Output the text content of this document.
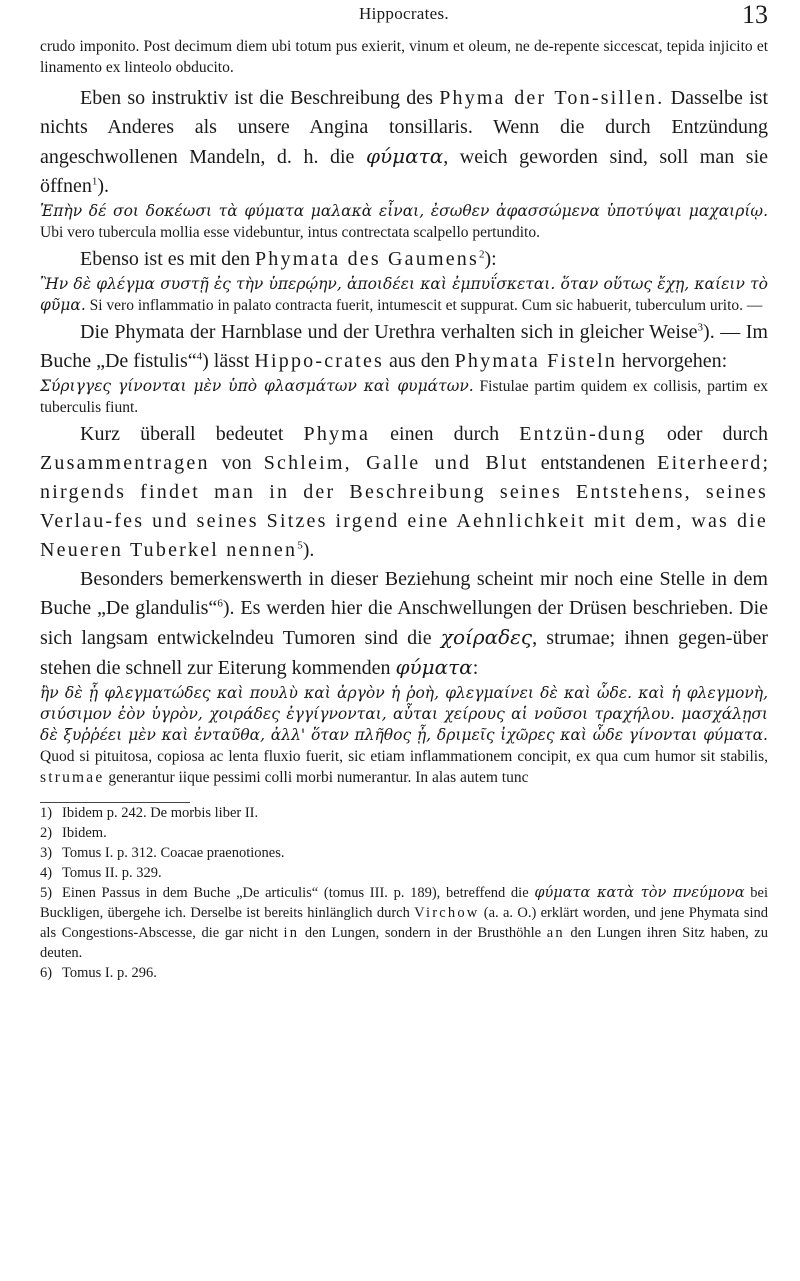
Hippocrates.	13

crudo imponito. Post decimum diem ubi totum pus exierit, vinum et oleum, ne de-repente siccescat, tepida injicito et linamento ex linteolo obducito.

Eben so instruktiv ist die Beschreibung des Phyma der Ton-sillen. Dasselbe ist nichts Anderes als unsere Angina tonsillaris. Wenn die durch Entzündung angeschwollenen Mandeln, d. h. die φύματα, weich geworden sind, soll man sie öffnen$^1$).

Ἐπὴν δέ σοι δοκέωσι τὰ φύματα μαλακὰ εἶναι, ἐσωθεν ἀφασσώμενα ὑποτύψαι μαχαιρίῳ. Ubi vero tubercula mollia esse videbuntur, intus contrectata scalpello pertundito.

Ebenso ist es mit den Phymata des Gaumens$^2$):

Ἢν δὲ φλέγμα συστῇ ἐς τὴν ὑπερῴην, ἀποιδέει καὶ ἐμπυΐσκεται. ὅταν οὕτως ἔχῃ, καίειν τὸ φῦμα. Si vero inflammatio in palato contracta fuerit, intumescit et suppurat. Cum sic habuerit, tuberculum urito. —

Die Phymata der Harnblase und der Urethra verhalten sich in gleicher Weise$^3$). — Im Buche „De fistulis“$^4$) lässt Hippo-crates aus den Phymata Fisteln hervorgehen:

Σύριγγες γίνονται μὲν ὑπὸ φλασμάτων καὶ φυμάτων. Fistulae partim quidem ex collisis, partim ex tuberculis fiunt.

Kurz überall bedeutet Phyma einen durch Entzün-dung oder durch Zusammentragen von Schleim, Galle und Blut entstandenen Eiterheerd; nirgends findet man in der Beschreibung seines Entstehens, seines Verlau-fes und seines Sitzes irgend eine Aehnlichkeit mit dem, was die Neueren Tuberkel nennen$^5$).

Besonders bemerkenswerth in dieser Beziehung scheint mir noch eine Stelle in dem Buche „De glandulis“$^6$). Es werden hier die Anschwellungen der Drüsen beschrieben. Die sich langsam entwickelndeu Tumoren sind die χοίραδες, strumae; ihnen gegen-über stehen die schnell zur Eiterung kommenden φύματα:

ἢν δὲ ᾖ φλεγματώδες καὶ πουλὺ καὶ ἀργὸν ἡ ῥοὴ, φλεγμαίνει δὲ καὶ ὧδε. καὶ ἡ φλεγμονὴ, σιύσιμον ἐὸν ὑγρὸν, χοιράδες ἐγγίγνονται, αὗται χείρους αἱ νοῦσοι τραχήλου. μασχάλῃσι δὲ ξυῤῥέει μὲν καὶ ἐνταῦθα, ἀλλ' ὅταν πλῆθος ᾖ, δριμεῖς ἰχῶρες καὶ ὧδε γίνονται φύματα. Quod si pituitosa, copiosa ac lenta fluxio fuerit, sic etiam inflammationem concipit, ex qua cum humor sit stabilis, strumae generantur iique pessimi colli morbi numerantur. In alas autem tunc

1) Ibidem p. 242. De morbis liber II.

2) Ibidem.

3) Tomus I. p. 312. Coacae praenotiones.

4) Tomus II. p. 329.

5) Einen Passus in dem Buche „De articulis“ (tomus III. p. 189), betreffend die φύματα κατὰ τὸν πνεύμονα bei Buckligen, übergehe ich. Derselbe ist bereits hinlänglich durch Virchow (a. a. O.) erklärt worden, und jene Phymata sind als Congestions-Abscesse, die gar nicht in den Lungen, sondern in der Brusthöhle an den Lungen ihren Sitz haben, zu deuten.

6) Tomus I. p. 296.
